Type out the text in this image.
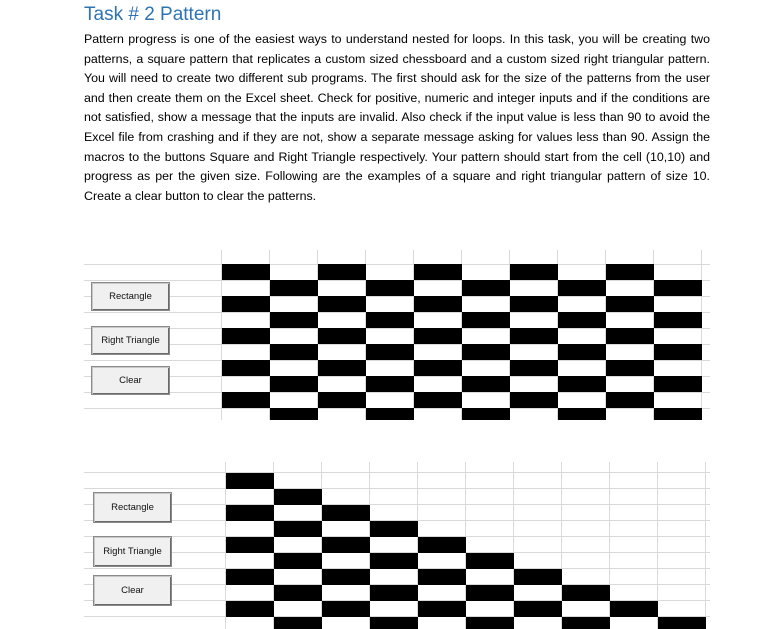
Task # 2 Pattern
Pattern progress is one of the easiest ways to understand nested for loops. In this task, you will be creating two patterns, a square pattern that replicates a custom sized chessboard and a custom sized right triangular pattern. You will need to create two different sub programs. The first should ask for the size of the patterns from the user and then create them on the Excel sheet. Check for positive, numeric and integer inputs and if the conditions are not satisfied, show a message that the inputs are invalid. Also check if the input value is less than 90 to avoid the Excel file from crashing and if they are not, show a separate message asking for values less than 90. Assign the macros to the buttons Square and Right Triangle respectively. Your pattern should start from the cell (10,10) and progress as per the given size. Following are the examples of a square and right triangular pattern of size 10. Create a clear button to clear the patterns.
Rectangle
Right Triangle
Clear
Rectangle
Right Triangle
Clear
